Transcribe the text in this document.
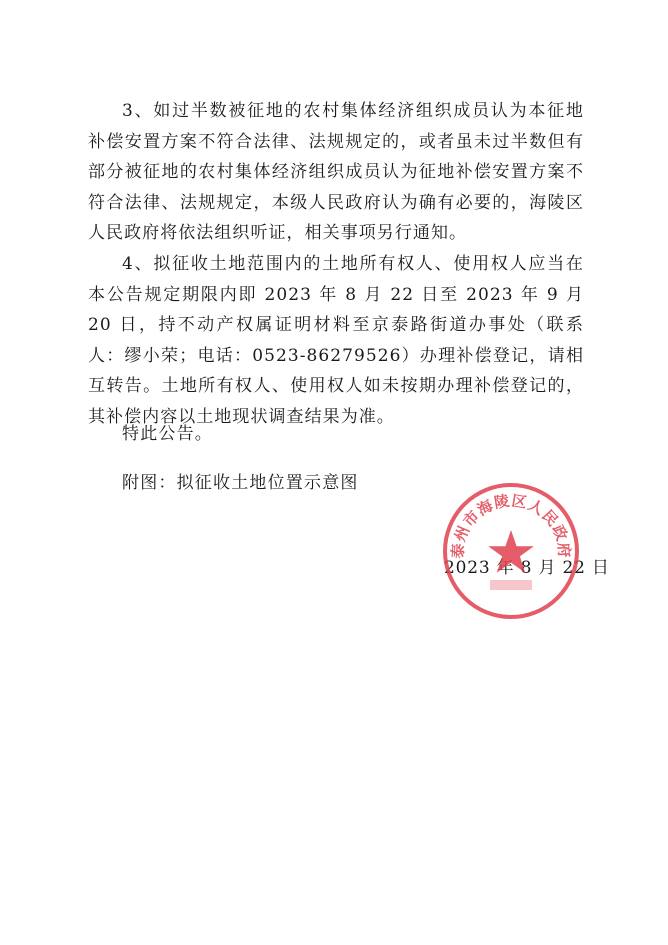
3、如过半数被征地的农村集体经济组织成员认为本征地补偿安置方案不符合法律、法规规定的，或者虽未过半数但有部分被征地的农村集体经济组织成员认为征地补偿安置方案不符合法律、法规规定，本级人民政府认为确有必要的，海陵区人民政府将依法组织听证，相关事项另行通知。

4、拟征收土地范围内的土地所有权人、使用权人应当在本公告规定期限内即 2023 年 8 月 22 日至 2023 年 9 月 20 日，持不动产权属证明材料至京泰路街道办事处（联系人：缪小荣；电话：0523-86279526）办理补偿登记，请相互转告。土地所有权人、使用权人如未按期办理补偿登记的，其补偿内容以土地现状调查结果为准。

特此公告。
附图：拟征收土地位置示意图
2023 年 8 月 22 日
泰州市海陵区人民政府
